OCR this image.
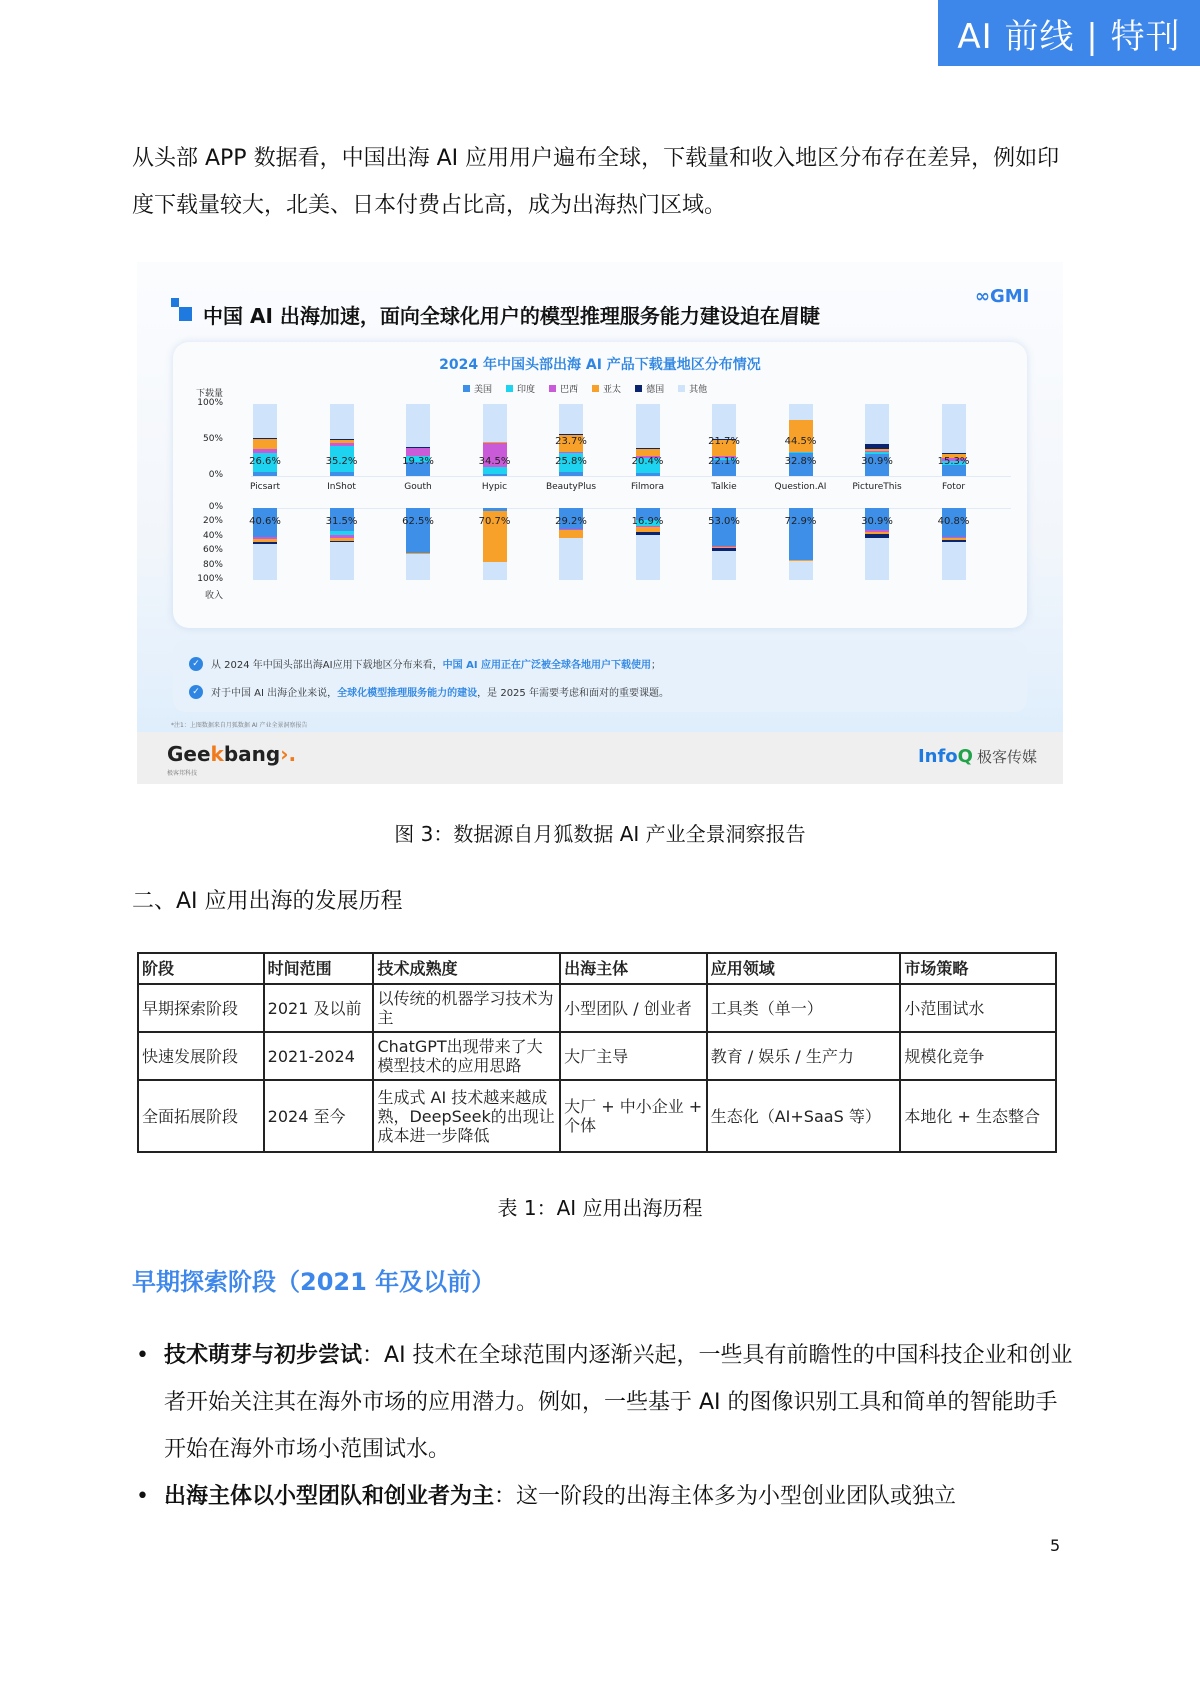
AI 前线 | 特刊
从头部 APP 数据看，中国出海 AI 应用用户遍布全球，下载量和收入地区分布存在差异，例如印度下载量较大，北美、日本付费占比高，成为出海热门区域。
中国 AI 出海加速，面向全球化用户的模型推理服务能力建设迫在眉睫
∞GMI
2024 年中国头部出海 AI 产品下载量地区分布情况
美国	印度	巴西	亚太	德国	其他
下载量
100%
50%
0%
0%
20%
40%
60%
80%
100%
收入
26.6%
Picsart
40.6%
35.2%
InShot
31.5%
19.3%
Gouth
62.5%
34.5%
Hypic
70.7%
25.8%
23.7%
BeautyPlus
29.2%
20.4%
Filmora
16.9%
22.1%
21.7%
Talkie
53.0%
32.8%
44.5%
Question.AI
72.9%
30.9%
PictureThis
30.9%
15.3%
Fotor
40.8%
✓	从 2024 年中国头部出海AI应用下载地区分布来看，中国 AI 应用正在广泛被全球各地用户下载使用；
✓	对于中国 AI 出海企业来说，全球化模型推理服务能力的建设，是 2025 年需要考虑和面对的重要课题。
*注1：上图数据来自月狐数据 AI 产业全景洞察报告
Geekbang›.
极客邦科技
InfoQ 极客传媒
图 3：数据源自月狐数据 AI 产业全景洞察报告
二、AI 应用出海的发展历程
阶段	时间范围	技术成熟度	出海主体	应用领域	市场策略
早期探索阶段	2021 及以前	以传统的机器学习技术为主	小型团队 / 创业者	工具类（单一）	小范围试水
快速发展阶段	2021-2024	ChatGPT出现带来了大模型技术的应用思路	大厂主导	教育 / 娱乐 / 生产力	规模化竞争
全面拓展阶段	2024 至今	生成式 AI 技术越来越成熟，DeepSeek的出现让成本进一步降低	大厂 + 中小企业 + 个体	生态化（AI+SaaS 等）	本地化 + 生态整合
表 1：AI 应用出海历程
早期探索阶段（2021 年及以前）
• 技术萌芽与初步尝试：AI 技术在全球范围内逐渐兴起，一些具有前瞻性的中国科技企业和创业者开始关注其在海外市场的应用潜力。例如，一些基于 AI 的图像识别工具和简单的智能助手开始在海外市场小范围试水。
• 出海主体以小型团队和创业者为主：这一阶段的出海主体多为小型创业团队或独立
5
